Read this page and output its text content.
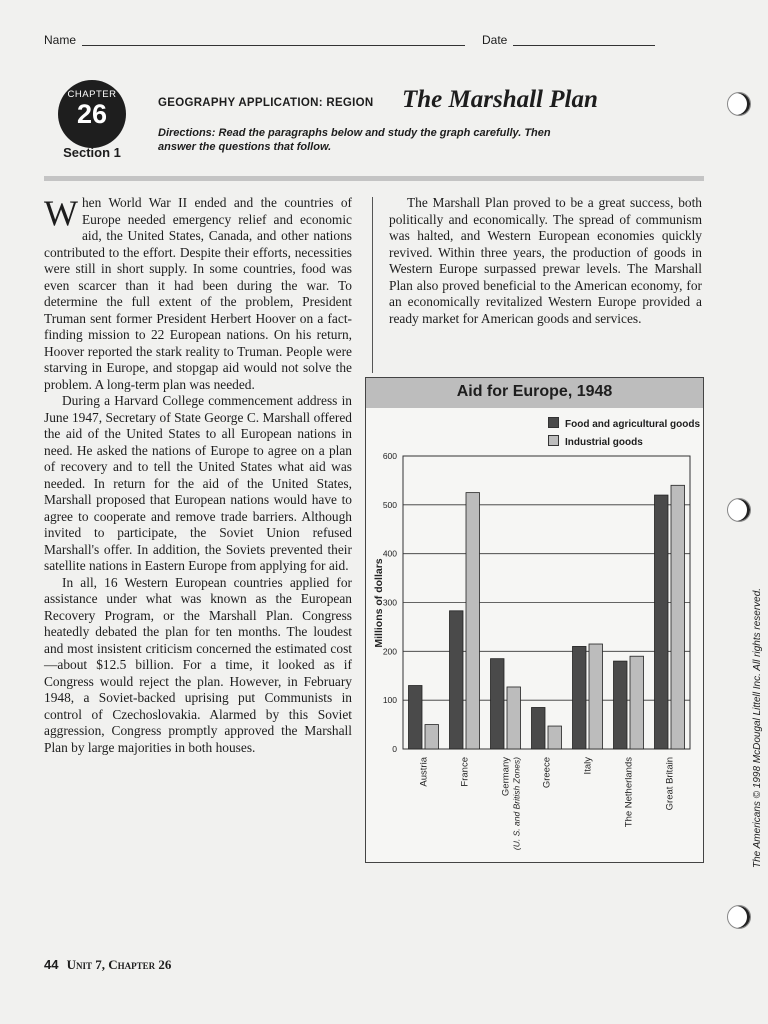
Name	Date
CHAPTER
26
Section 1
GEOGRAPHY APPLICATION: REGION The Marshall Plan
Directions: Read the paragraphs below and study the graph carefully. Then answer the questions that follow.

When World War II ended and the countries of Europe needed emergency relief and economic aid, the United States, Canada, and other nations contributed to the effort. Despite their efforts, necessities were still in short supply. In some countries, food was even scarcer than it had been during the war. To determine the full extent of the problem, President Truman sent former President Herbert Hoover on a fact-finding mission to 22 European nations. On his return, Hoover reported the stark reality to Truman. People were starving in Europe, and stopgap aid would not solve the problem. A long-term plan was needed.

During a Harvard College commencement address in June 1947, Secretary of State George C. Marshall offered the aid of the United States to all European nations in need. He asked the nations of Europe to agree on a plan of recovery and to tell the United States what aid was needed. In return for the aid of the United States, Marshall proposed that European nations would have to agree to cooperate and remove trade barriers. Although invited to participate, the Soviet Union refused Marshall's offer. In addition, the Soviets prevented their satellite nations in Eastern Europe from applying for aid.

In all, 16 Western European countries applied for assistance under what was known as the European Recovery Program, or the Marshall Plan. Congress heatedly debated the plan for ten months. The loudest and most insistent criticism concerned the estimated cost—about $12.5 billion. For a time, it looked as if Congress would reject the plan. However, in February 1948, a Soviet-backed uprising put Communists in control of Czechoslovakia. Alarmed by this Soviet aggression, Congress promptly approved the Marshall Plan by large majorities in both houses.

The Marshall Plan proved to be a great success, both politically and economically. The spread of communism was halted, and Western European economies quickly revived. Within three years, the production of goods in Western Europe surpassed prewar levels. The Marshall Plan also proved beneficial to the American economy, for an economically revitalized Western Europe provided a ready market for American goods and services.

Aid for Europe, 1948
Food and agricultural goods
Industrial goods
0
100
200
300
400
500
600
Austria	France	Germany (U. S. and British Zones) Greece	Italy	The Netherlands	Great Britain
Millions of dollars
44 Unit 7, Chapter 26
The Americans © 1998 McDougal Littell Inc. All rights reserved.
